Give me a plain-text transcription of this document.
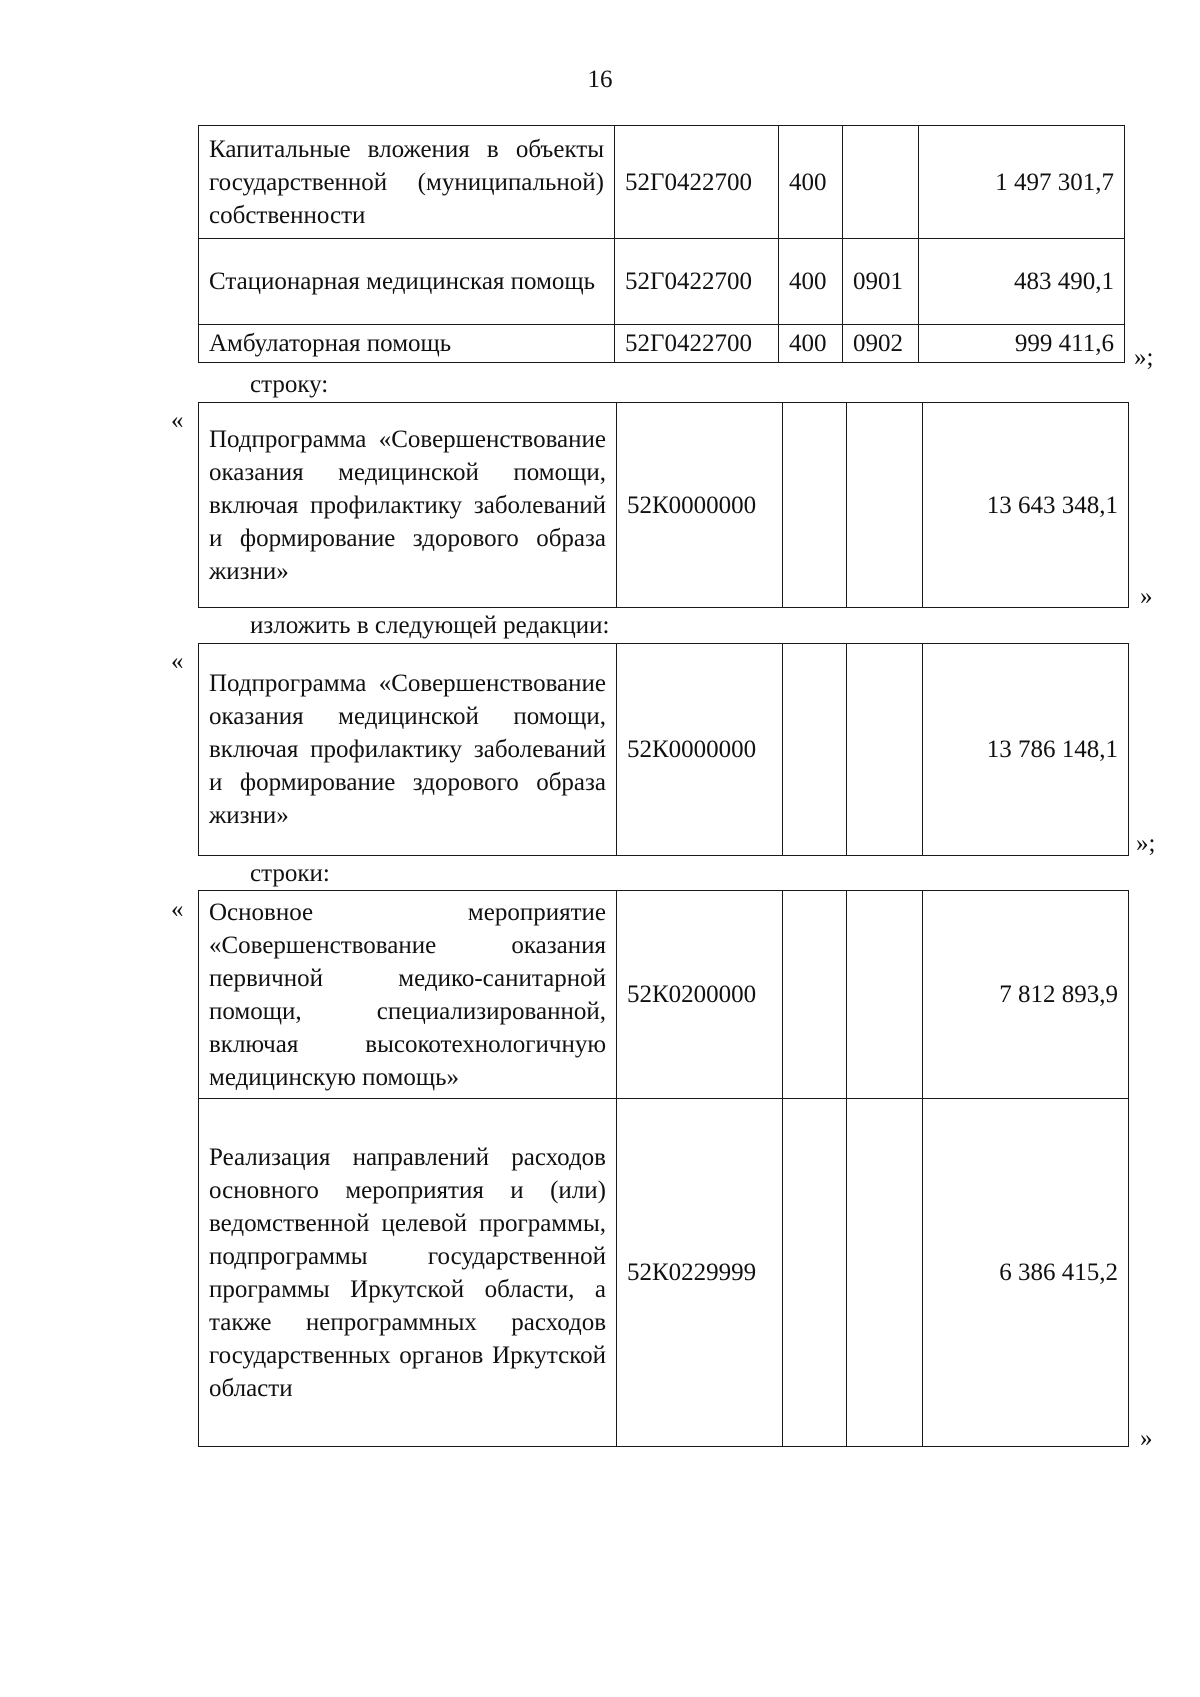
16
Капитальные вложения в объекты государственной (муниципальной) собственности	52Г0422700	400		1 497 301,7
Стационарная медицинская помощь	52Г0422700	400	0901	483 490,1
Амбулаторная помощь	52Г0422700	400	0902	999 411,6
»;
строку:
«
Подпрограмма «Совершенствование оказания медицинской помощи, включая профилактику заболеваний и формирование здорового образа жизни»	52К0000000			13 643 348,1
»
изложить в следующей редакции:
«
Подпрограмма «Совершенствование оказания медицинской помощи, включая профилактику заболеваний и формирование здорового образа жизни»	52К0000000			13 786 148,1
»;
строки:
« Основное мероприятие «Совершенствование оказания первичной медико-санитарной помощи, специализированной, включая высокотехнологичную медицинскую помощь»	52К0200000			7 812 893,9
Реализация направлений расходов основного мероприятия и (или) ведомственной целевой программы, подпрограммы государственной программы Иркутской области, а также непрограммных расходов государственных органов Иркутской области	52К0229999			6 386 415,2
»
